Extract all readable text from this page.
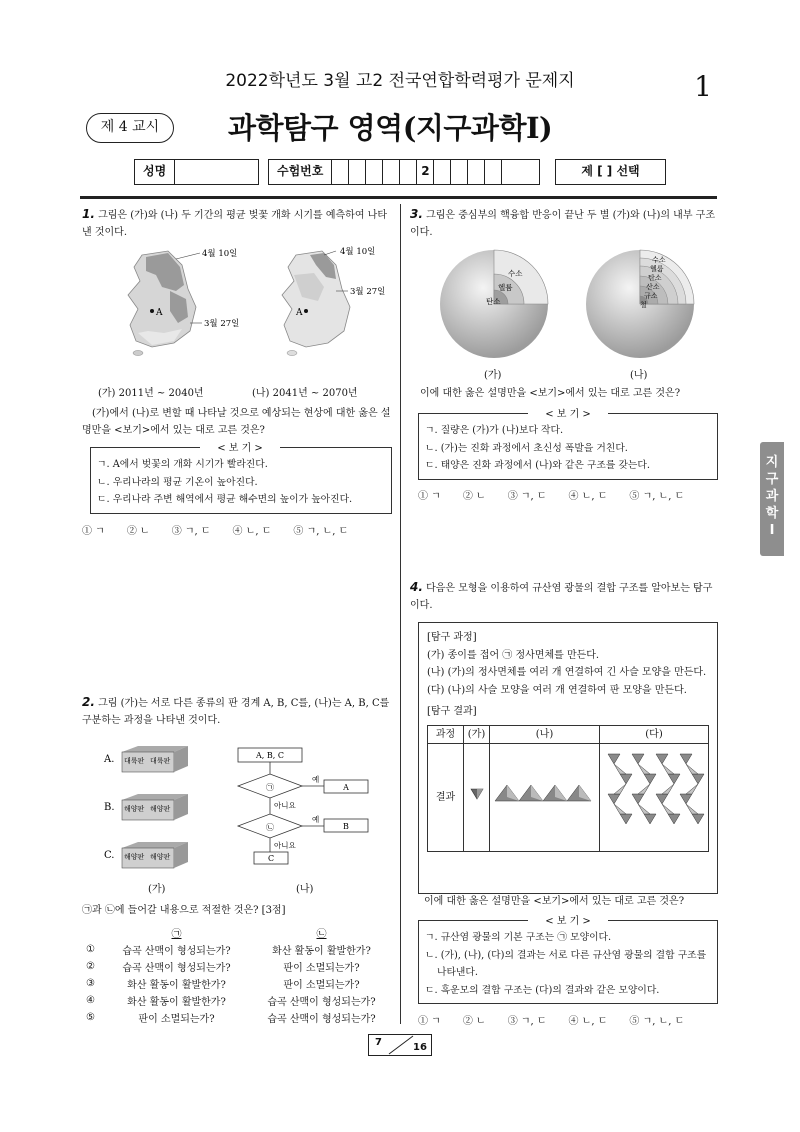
2022학년도 3월 고2 전국연합학력평가 문제지	1
제 4 교시	과학탐구 영역(지구과학Ⅰ)
성명	수험번호	2	제 [ ] 선택
1. 그림은 (가)와 (나) 두 기간의 평균 벚꽃 개화 시기를 예측하여 나타낸 것이다.
A
4월 10일
3월 27일
A
4월 10일
3월 27일
(가) 2011년 ~ 2040년	(나) 2041년 ~ 2070년
(가)에서 (나)로 변할 때 나타날 것으로 예상되는 현상에 대한 옳은 설명만을 <보기>에서 있는 대로 고른 것은?
< 보 기 >
ㄱ. A에서 벚꽃의 개화 시기가 빨라진다.
ㄴ. 우리나라의 평균 기온이 높아진다.
ㄷ. 우리나라 주변 해역에서 평균 해수면의 높이가 높아진다.
① ㄱ ② ㄴ ③ ㄱ, ㄷ ④ ㄴ, ㄷ ⑤ ㄱ, ㄴ, ㄷ
2. 그림 (가)는 서로 다른 종류의 판 경계 A, B, C를, (나)는 A, B, C를 구분하는 과정을 나타낸 것이다.
A. 대륙판 대륙판
B. 해양판 해양판
C. 해양판 해양판
A, B, C
㉠
예
A
아니요
㉡
예
B
아니요
C
(가)	(나)
㉠과 ㉡에 들어갈 내용으로 적절한 것은? [3점]
	㉠	㉡
①	습곡 산맥이 형성되는가?	화산 활동이 활발한가?
②	습곡 산맥이 형성되는가?	판이 소멸되는가?
③	화산 활동이 활발한가?	판이 소멸되는가?
④	화산 활동이 활발한가?	습곡 산맥이 형성되는가?
⑤	판이 소멸되는가?	습곡 산맥이 형성되는가?
3. 그림은 중심부의 핵융합 반응이 끝난 두 별 (가)와 (나)의 내부 구조이다.
수소
헬륨
탄소
수소
헬륨
탄소
산소
규소
철
(가)	(나)
이에 대한 옳은 설명만을 <보기>에서 있는 대로 고른 것은?
< 보 기 >
ㄱ. 질량은 (가)가 (나)보다 작다.
ㄴ. (가)는 진화 과정에서 초신성 폭발을 거친다.
ㄷ. 태양은 진화 과정에서 (나)와 같은 구조를 갖는다.
① ㄱ ② ㄴ ③ ㄱ, ㄷ ④ ㄴ, ㄷ ⑤ ㄱ, ㄴ, ㄷ
지구과학Ⅰ
4. 다음은 모형을 이용하여 규산염 광물의 결합 구조를 알아보는 탐구이다.
[탐구 과정]
(가) 종이를 접어 ㉠ 정사면체를 만든다.
(나) (가)의 정사면체를 여러 개 연결하여 긴 사슬 모양을 만든다.
(다) (나)의 사슬 모양을 여러 개 연결하여 판 모양을 만든다.
[탐구 결과]
과정	(가)	(나)	(다)
결과			
이에 대한 옳은 설명만을 <보기>에서 있는 대로 고른 것은?
< 보 기 >
ㄱ. 규산염 광물의 기본 구조는 ㉠ 모양이다.
ㄴ. (가), (나), (다)의 결과는 서로 다른 규산염 광물의 결합 구조를 나타낸다.
ㄷ. 흑운모의 결합 구조는 (다)의 결과와 같은 모양이다.
① ㄱ ② ㄴ ③ ㄱ, ㄷ ④ ㄴ, ㄷ ⑤ ㄱ, ㄴ, ㄷ
7	16
